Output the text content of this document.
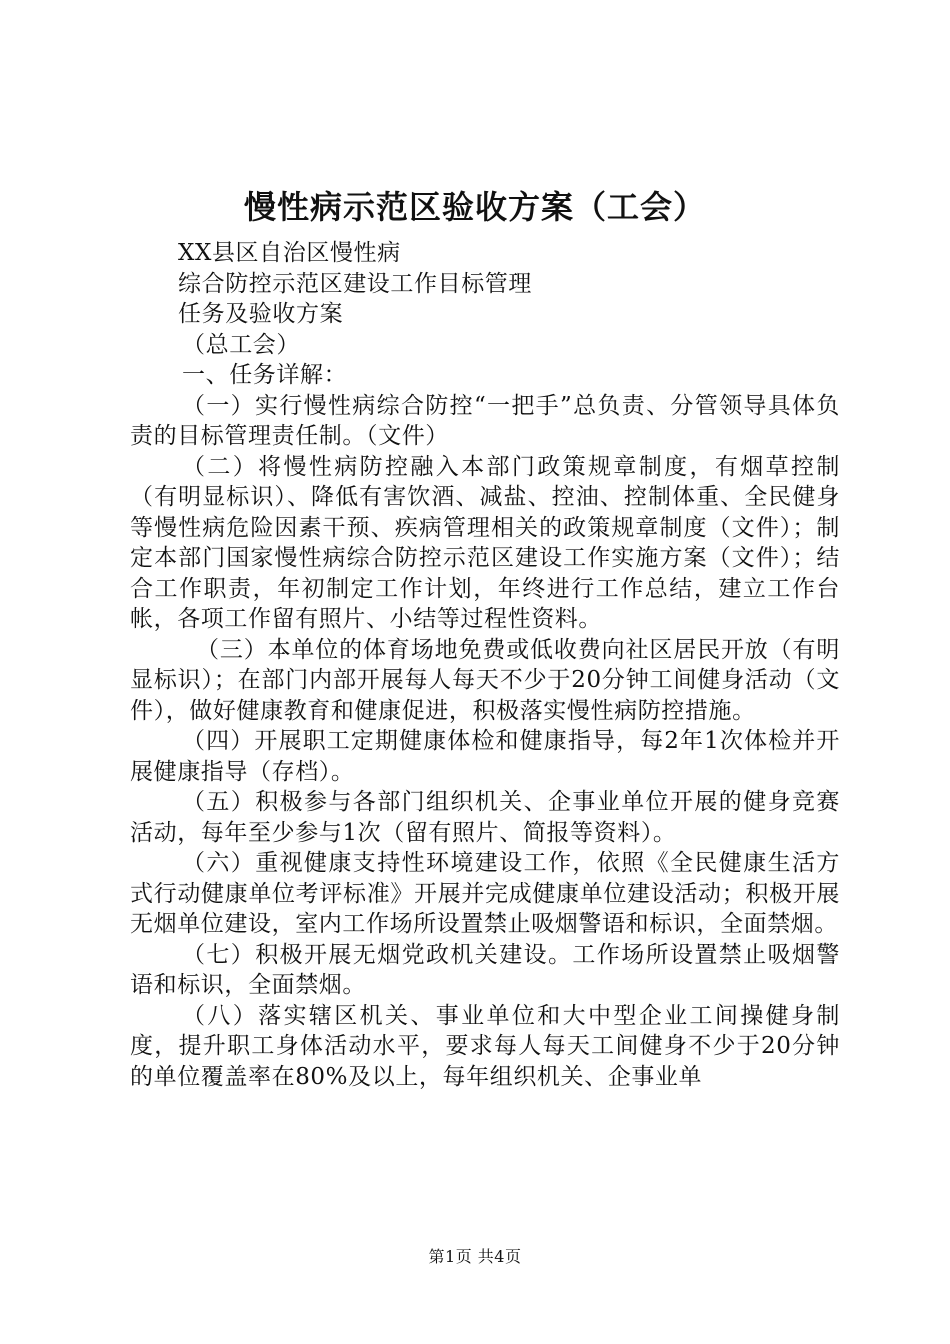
慢性病示范区验收方案（工会）

XX县区自治区慢性病

综合防控示范区建设工作目标管理

任务及验收方案

（总工会）

一、任务详解：

（一）实行慢性病综合防控“一把手”总负责、分管领导具体负责的目标管理责任制。（文件）

（二）将慢性病防控融入本部门政策规章制度，有烟草控制（有明显标识）、降低有害饮酒、减盐、控油、控制体重、全民健身等慢性病危险因素干预、疾病管理相关的政策规章制度（文件）；制定本部门国家慢性病综合防控示范区建设工作实施方案（文件）；结合工作职责，年初制定工作计划，年终进行工作总结，建立工作台帐，各项工作留有照片、小结等过程性资料。

（三）本单位的体育场地免费或低收费向社区居民开放（有明显标识）；在部门内部开展每人每天不少于20分钟工间健身活动（文件），做好健康教育和健康促进，积极落实慢性病防控措施。

（四）开展职工定期健康体检和健康指导，每2年1次体检并开展健康指导（存档）。

（五）积极参与各部门组织机关、企事业单位开展的健身竞赛活动，每年至少参与1次（留有照片、简报等资料）。

（六）重视健康支持性环境建设工作，依照《全民健康生活方式行动健康单位考评标准》开展并完成健康单位建设活动；积极开展无烟单位建设，室内工作场所设置禁止吸烟警语和标识，全面禁烟。

（七）积极开展无烟党政机关建设。工作场所设置禁止吸烟警语和标识，全面禁烟。

（八）落实辖区机关、事业单位和大中型企业工间操健身制度，提升职工身体活动水平，要求每人每天工间健身不少于20分钟的单位覆盖率在80%及以上，每年组织机关、企事业单

第1页 共4页
